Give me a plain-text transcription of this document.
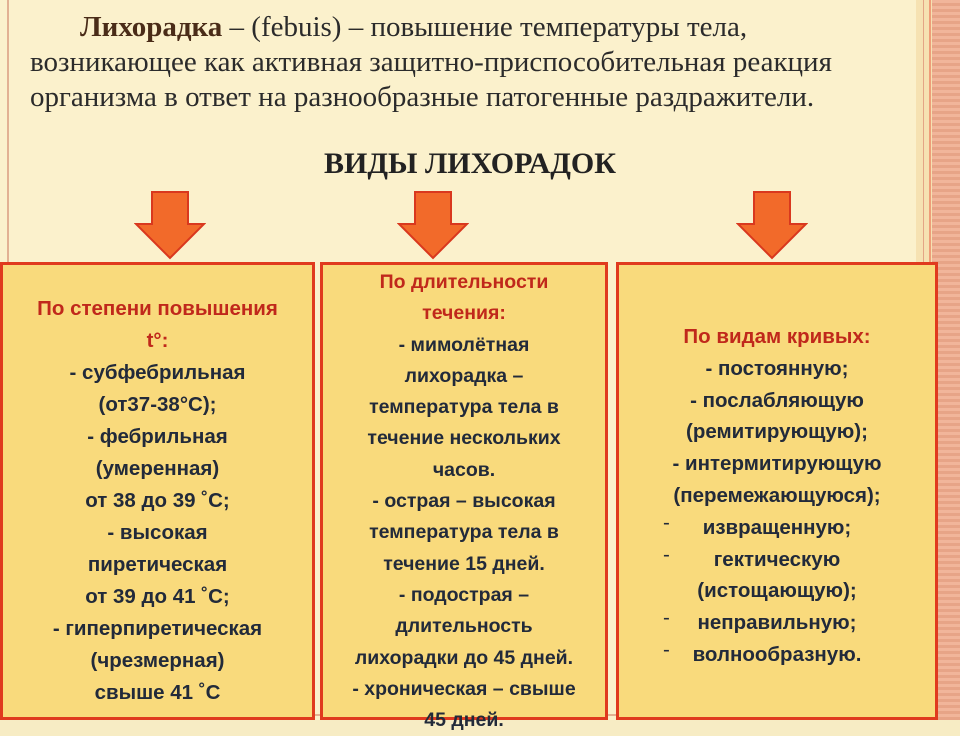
Лихорадка – (febuis) – повышение температуры тела,
возникающее как активная защитно-приспособительная реакция
организма в ответ на разнообразные патогенные раздражители.
ВИДЫ ЛИХОРАДОК
По степени повышения
t°:
- субфебрильная
(от37-38°С);
- фебрильная
(умеренная)
от 38 до 39 ˚С;
- высокая
пиретическая
от 39 до 41 ˚С;
- гиперпиретическая
(чрезмерная)
свыше 41 ˚С
По длительности
течения:
- мимолётная
лихорадка –
температура тела в
течение нескольких
часов.
- острая – высокая
температура тела в
течение 15 дней.
- подострая –
длительность
лихорадки до 45 дней.
- хроническая – свыше
45 дней.
По видам кривых:
- постоянную;
- послабляющую
(ремитирующую);
- интермитирующую
(перемежающуюся);
- извращенную;
- гектическую
(истощающую);
- неправильную;
- волнообразную.
